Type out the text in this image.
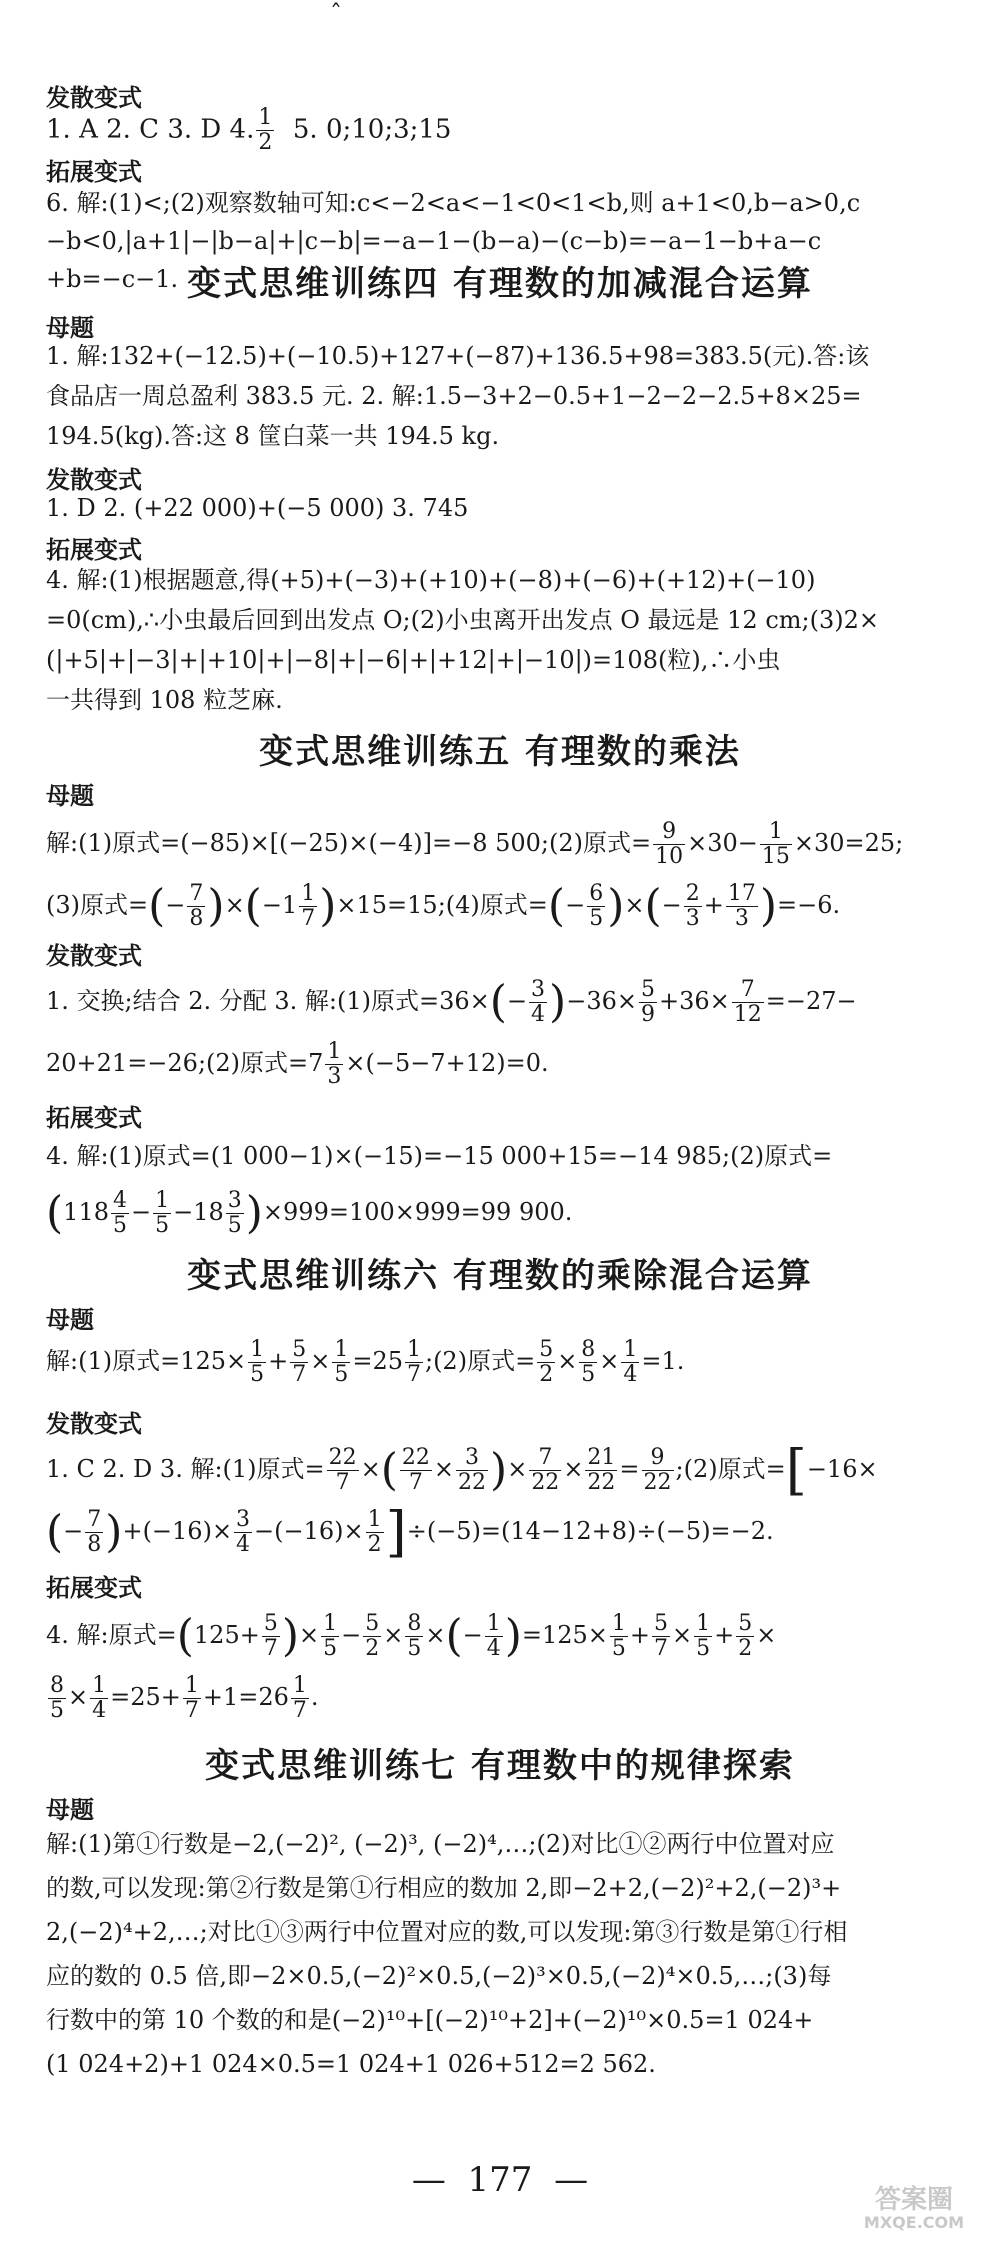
ˆ
发散变式
1. A 2. C 3. D 4. $\frac{1}{2} 5$. 0;10;3;15
拓展变式
6. 解:(1)<;(2)观察数轴可知:c<−2<a<−1<0<1<b,则 a+1<0,b−a>0,c
−b<0,|a+1|−|b−a|+|c−b|=−a−1−(b−a)−(c−b)=−a−1−b+a−c
+b=−c−1. 变式思维训练四 有理数的加减混合运算
母题
1. 解:132+(−12.5)+(−10.5)+127+(−87)+136.5+98=383.5(元).答:该
食品店一周总盈利 383.5 元. 2. 解:1.5−3+2−0.5+1−2−2−2.5+8×25=
194.5(kg).答:这 8 筐白菜一共 194.5 kg.
发散变式
1. D 2. (+22 000)+(−5 000) 3. 745
拓展变式
4. 解:(1)根据题意,得(+5)+(−3)+(+10)+(−8)+(−6)+(+12)+(−10)
=0(cm),∴小虫最后回到出发点 O;(2)小虫离开出发点 O 最远是 12 cm;(3)2×
(|+5|+|−3|+|+10|+|−8|+|−6|+|+12|+|−10|)=108(粒),∴小虫
一共得到 108 粒芝麻.
变式思维训练五 有理数的乘法
母题
解:(1)原式=(−85)×[(−25)×(−4)]=−8 500;(2)原式= $\frac{9}{10} \times 30- \frac{1}{15} \times 30=25$;
(3)原式=(− $\frac{7}{8} )\times(-1 \frac{1}{7}$ )×15=15;(4)原式=(− $\frac{6}{5}$ )×(− $\frac{2}{3} + \frac{17}{3} )=-6$.
发散变式
1. 交换;结合 2. 分配 3. 解:(1)原式$=36\times(- \frac{3}{4} )-36\times \frac{5}{9} +36\times \frac{7}{12} =-27-$
20+21=−26;(2)原式$=7 \frac{1}{3} \times(-5-7+12)=0$.
拓展变式
4. 解:(1)原式=(1 000−1)×(−15)=−15 000+15=−14 985;(2)原式=
$(118 \frac{4}{5} - \frac{1}{5} -18 \frac{3}{5} )\times 999=100\times 999=99$ 900.
变式思维训练六 有理数的乘除混合运算
母题
解:(1)原式$=125\times \frac{1}{5} + \frac{5}{7} \times \frac{1}{5} =25 \frac{1}{7}$ ;(2)原式= $\frac{5}{2} \times \frac{8}{5} \times \frac{1}{4} =1$.
发散变式
1. C 2. D 3. 解:(1)原式= $\frac{22}{7}$ ×( $\frac{22}{7} \times \frac{3}{22}$ )× $\frac{7}{22} \times \frac{21}{22} = \frac{9}{22}$ ;(2)原式=[−16×
(− $\frac{7}{8} )+(-16)\times \frac{3}{4} -(-16)\times \frac{1}{2} ]\div(-5)=(14-12+8)\div(-5)=-2$.
拓展变式
4. 解:原式$=(125+ \frac{5}{7}$ )× $\frac{1}{5} - \frac{5}{2} \times \frac{8}{5}$ ×(− $\frac{1}{4} )=125\times \frac{1}{5} + \frac{5}{7} \times \frac{1}{5} + \frac{5}{2}$ ×
$\frac{8}{5} \times \frac{1}{4} =25+ \frac{1}{7} +1=26 \frac{1}{7}$ .
变式思维训练七 有理数中的规律探索
母题
解:(1)第①行数是−2,(−2)², (−2)³, (−2)⁴,…;(2)对比①②两行中位置对应
的数,可以发现:第②行数是第①行相应的数加 2,即−2+2,(−2)²+2,(−2)³+
2,(−2)⁴+2,…;对比①③两行中位置对应的数,可以发现:第③行数是第①行相
应的数的 0.5 倍,即−2×0.5,(−2)²×0.5,(−2)³×0.5,(−2)⁴×0.5,…;(3)每
行数中的第 10 个数的和是(−2)¹⁰+[(−2)¹⁰+2]+(−2)¹⁰×0.5=1 024+
(1 024+2)+1 024×0.5=1 024+1 026+512=2 562.
— 177 —	答案圈
MXQE.COM
